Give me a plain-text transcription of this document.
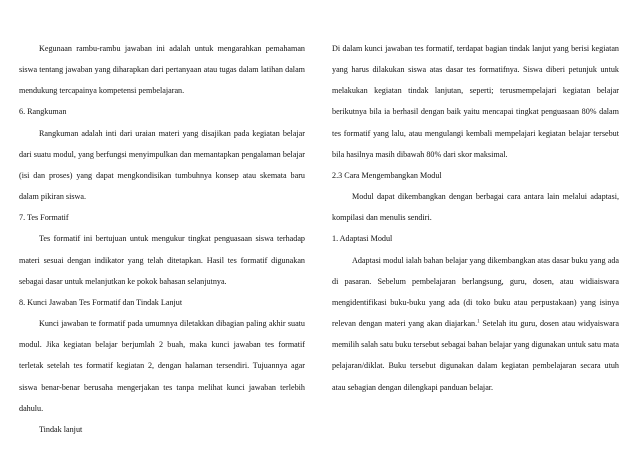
Kegunaan rambu-rambu jawaban ini adalah untuk mengarahkan pemahaman siswa tentang jawaban yang diharapkan dari pertanyaan atau tugas dalam latihan dalam mendukung tercapainya kompetensi pembelajaran.

6. Rangkuman

Rangkuman adalah inti dari uraian materi yang disajikan pada kegiatan belajar dari suatu modul, yang berfungsi menyimpulkan dan memantapkan pengalaman belajar (isi dan proses) yang dapat mengkondisikan tumbuhnya konsep atau skemata baru dalam pikiran siswa.

7. Tes Formatif

Tes formatif ini bertujuan untuk mengukur tingkat penguasaan siswa terhadap materi sesuai dengan indikator yang telah ditetapkan. Hasil tes formatif digunakan sebagai dasar untuk melanjutkan ke pokok bahasan selanjutnya.

8. Kunci Jawaban Tes Formatif dan Tindak Lanjut

Kunci jawaban te formatif pada umumnya diletakkan dibagian paling akhir suatu modul. Jika kegiatan belajar berjumlah 2 buah, maka kunci jawaban tes formatif terletak setelah tes formatif kegiatan 2, dengan halaman tersendiri. Tujuannya agar siswa benar-benar berusaha mengerjakan tes tanpa melihat kunci jawaban terlebih dahulu.

Tindak lanjut

Di dalam kunci jawaban tes formatif, terdapat bagian tindak lanjut yang berisi kegiatan yang harus dilakukan siswa atas dasar tes formatifnya. Siswa diberi petunjuk untuk melakukan kegiatan tindak lanjutan, seperti; terusmempelajari kegiatan belajar berikutnya bila ia berhasil dengan baik yaitu mencapai tingkat penguasaan 80% dalam tes formatif yang lalu, atau mengulangi kembali mempelajari kegiatan belajar tersebut bila hasilnya masih dibawah 80% dari skor maksimal.

2.3 Cara Mengembangkan Modul

Modul dapat dikembangkan dengan berbagai cara antara lain melalui adaptasi, kompilasi dan menulis sendiri.

1. Adaptasi Modul

Adaptasi modul ialah bahan belajar yang dikembangkan atas dasar buku yang ada di pasaran. Sebelum pembelajaran berlangsung, guru, dosen, atau widiaiswara mengidentifikasi buku-buku yang ada (di toko buku atau perpustakaan) yang isinya relevan dengan materi yang akan diajarkan.$^1$ Setelah itu guru, dosen atau widyaiswara memilih salah satu buku tersebut sebagai bahan belajar yang digunakan untuk satu mata pelajaran/diklat. Buku tersebut digunakan dalam kegiatan pembelajaran secara utuh atau sebagian dengan dilengkapi panduan belajar.
